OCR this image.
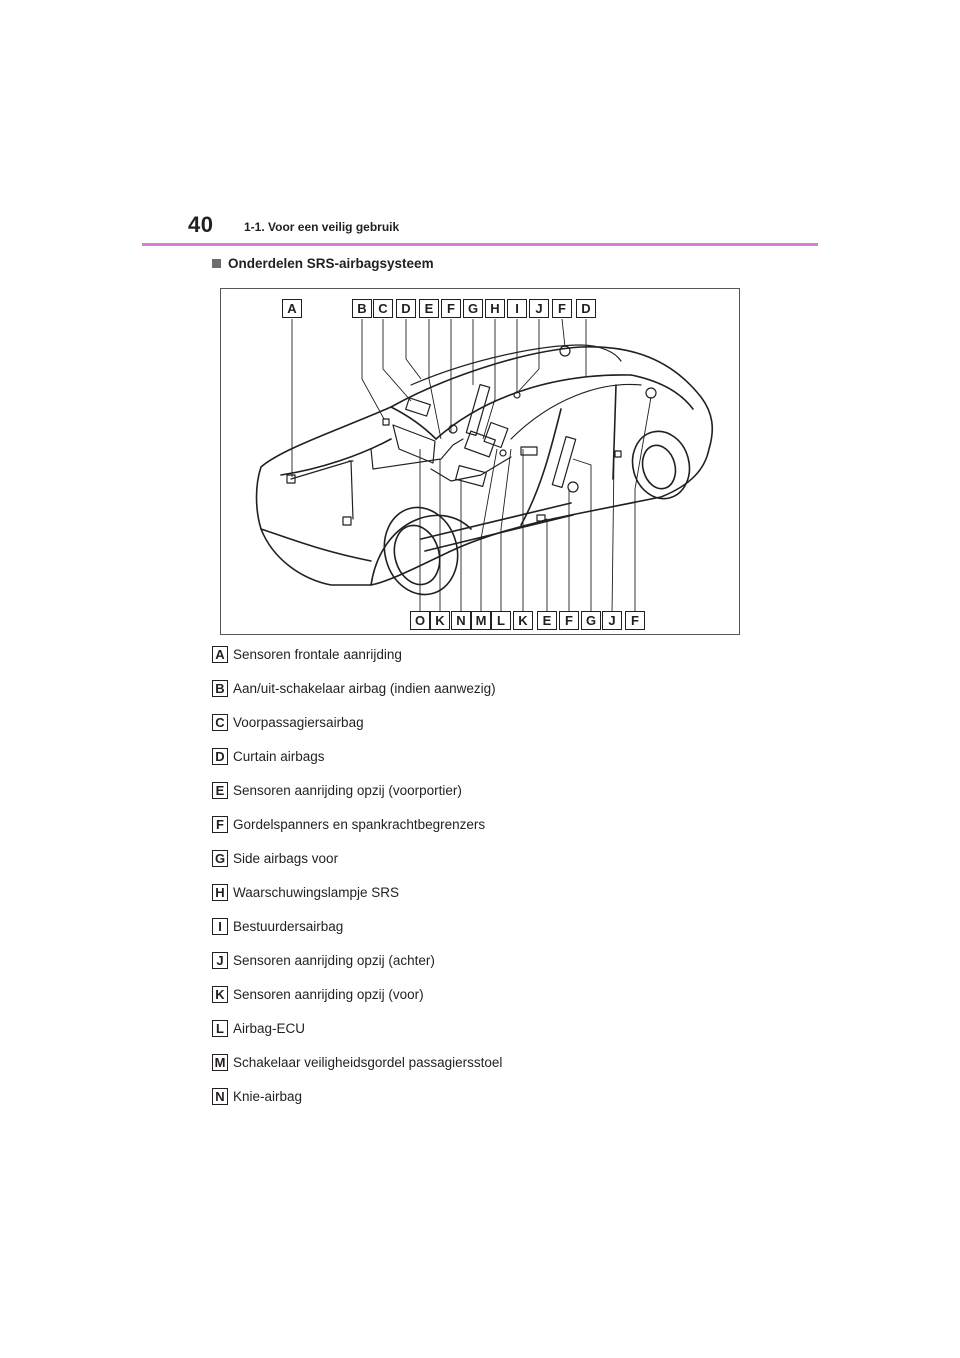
40	1-1. Voor een veilig gebruik
Onderdelen SRS-airbagsysteem
A	B C	D	E	F G H	I	J	F	D
O K N M L	K	E	F G J	F
A Sensoren frontale aanrijding
B Aan/uit-schakelaar airbag (indien aanwezig)
C Voorpassagiersairbag
D Curtain airbags
E Sensoren aanrijding opzij (voorportier)
F Gordelspanners en spankrachtbegrenzers
G Side airbags voor
H Waarschuwingslampje SRS
I Bestuurdersairbag
J Sensoren aanrijding opzij (achter)
K Sensoren aanrijding opzij (voor)
L Airbag-ECU
M Schakelaar veiligheidsgordel passagiersstoel
N Knie-airbag
